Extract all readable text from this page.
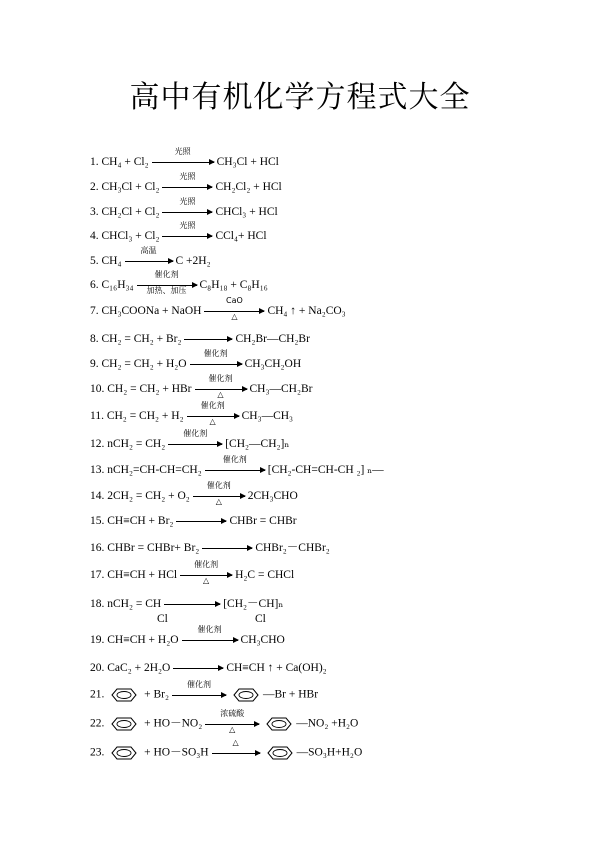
高中有机化学方程式大全
1. CH₄ + Cl₂
光照
CH₃Cl + HCl
2. CH₃Cl + Cl₂
光照
CH₂Cl₂ + HCl
3. CH₂Cl + Cl₂
光照
CHCl₃ + HCl
4. CHCl₃ + Cl₂
光照
CCl₄+ HCl
5. CH₄
高温
C +2H₂
6. C₁₆H₃₄
催化剂
加热、加压	C₈H₁₈ + C₈H₁₆
7. CH₃COONa + NaOH
CaO
△	CH₄ ↑ + Na₂CO₃
8. CH₂ = CH₂ + Br₂	CH₂Br—CH₂Br
9. CH₂ = CH₂ + H₂O
催化剂
CH₃CH₂OH
10. CH₂ = CH₂ + HBr
催化剂
△	CH₃—CH₂Br
11. CH₂ = CH₂ + H₂
催化剂
△	CH₃—CH₃
12. nCH₂ = CH₂
催化剂
[CH₂—CH₂]ₙ
13. nCH₂=CH-CH=CH₂
催化剂
[CH₂-CH=CH-CH ₂] ₙ—
14. 2CH₂ = CH₂ + O₂
催化剂
△	2CH₃CHO
15. CH≡CH + Br₂	CHBr = CHBr
16. CHBr = CHBr+ Br₂	CHBr₂－CHBr₂
17. CH≡CH + HCl
催化剂
△	H₂C = CHCl
18. nCH₂ = CH	[CH₂－CH]ₙ
19. CH≡CH + H₂O
催化剂
CH₃CHO
20. CaC₂ + 2H₂O	CH≡CH ↑ + Ca(OH)₂
21.	+ Br₂
催化剂
—Br + HBr
22.	+ HO－NO₂
浓硫酸
△	—NO₂ +H₂O
23.	+ HO－SO₃H
△
—SO₃H+H₂O
Cl	Cl
